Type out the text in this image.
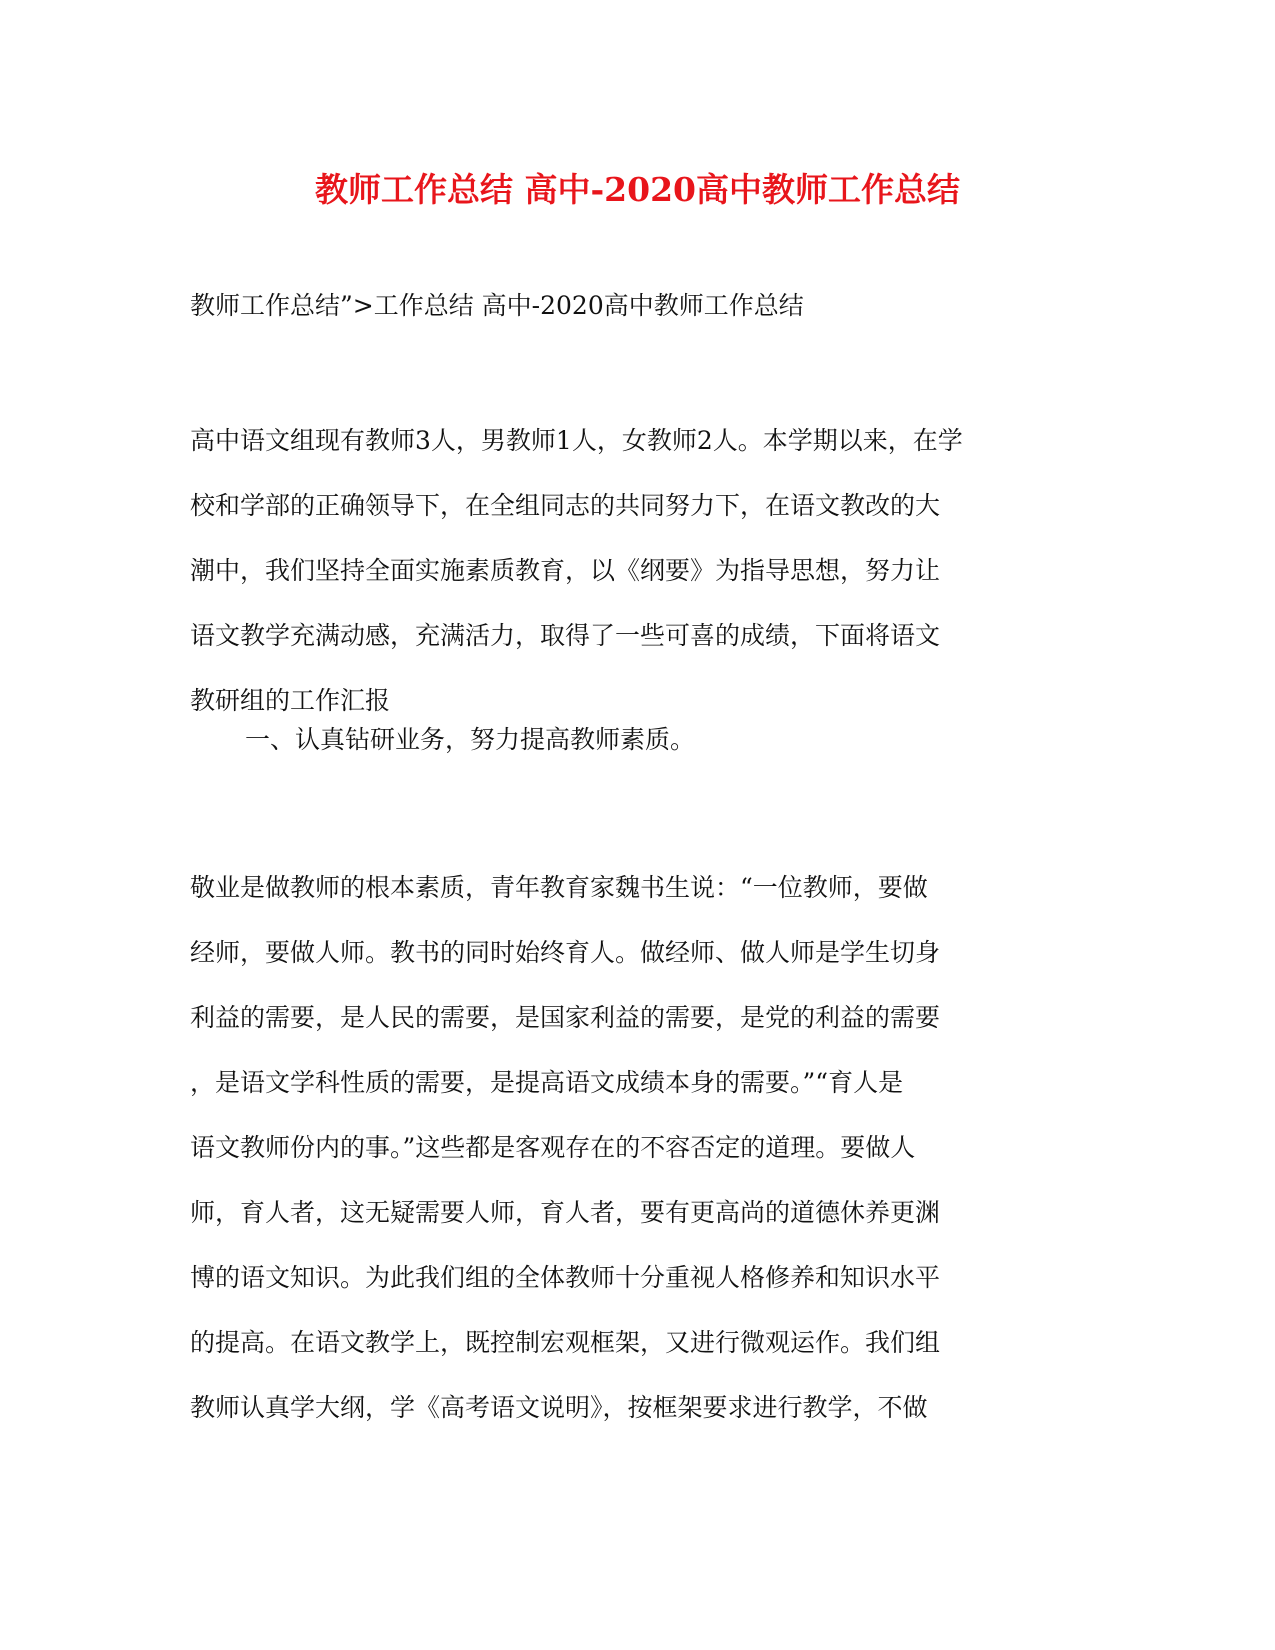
教师工作总结 高中-2020高中教师工作总结
教师工作总结”>工作总结 高中-2020高中教师工作总结
高中语文组现有教师3人，男教师1人，女教师2人。本学期以来，在学
校和学部的正确领导下，在全组同志的共同努力下，在语文教改的大
潮中，我们坚持全面实施素质教育，以《纲要》为指导思想，努力让
语文教学充满动感，充满活力，取得了一些可喜的成绩，下面将语文
教研组的工作汇报
一、认真钻研业务，努力提高教师素质。
敬业是做教师的根本素质，青年教育家魏书生说：“一位教师，要做
经师，要做人师。教书的同时始终育人。做经师、做人师是学生切身
利益的需要，是人民的需要，是国家利益的需要，是党的利益的需要
，是语文学科性质的需要，是提高语文成绩本身的需要。”“育人是
语文教师份内的事。”这些都是客观存在的不容否定的道理。要做人
师，育人者，这无疑需要人师，育人者，要有更高尚的道德休养更渊
博的语文知识。为此我们组的全体教师十分重视人格修养和知识水平
的提高。在语文教学上，既控制宏观框架，又进行微观运作。我们组
教师认真学大纲，学《高考语文说明》，按框架要求进行教学，不做
